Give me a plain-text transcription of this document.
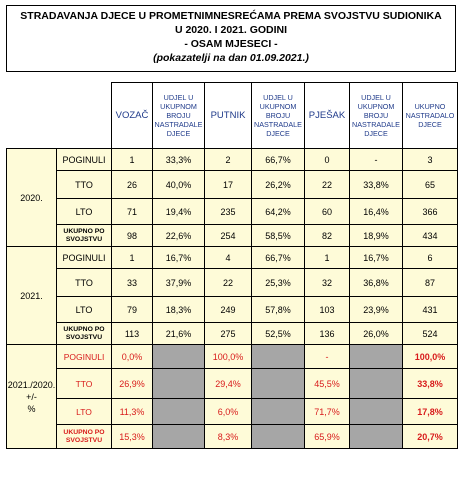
STRADAVANJA DJECE U PROMETNIMNESREĆAMA PREMA SVOJSTVU SUDIONIKA
U 2020. I 2021. GODINI
- OSAM MJESECI -
(pokazatelji na dan 01.09.2021.)
		VOZAČ	UDJEL U UKUPNOM BROJU NASTRADALE DJECE	PUTNIK	UDJEL U UKUPNOM BROJU NASTRADALE DJECE	PJEŠAK	UDJEL U UKUPNOM BROJU NASTRADALE DJECE	UKUPNO NASTRADALO DJECE
2020.	POGINULI	1	33,3%	2	66,7%	0	-	3
	TTO	26	40,0%	17	26,2%	22	33,8%	65
	LTO	71	19,4%	235	64,2%	60	16,4%	366
	UKUPNO PO SVOJSTVU	98	22,6%	254	58,5%	82	18,9%	434
2021.	POGINULI	1	16,7%	4	66,7%	1	16,7%	6
	TTO	33	37,9%	22	25,3%	32	36,8%	87
	LTO	79	18,3%	249	57,8%	103	23,9%	431
	UKUPNO PO SVOJSTVU	113	21,6%	275	52,5%	136	26,0%	524

2021./2020.
+/-
%	POGINULI	0,0%		100,0%		-		100,0%
	TTO	26,9%		29,4%		45,5%		33,8%
	LTO	11,3%		6,0%		71,7%		17,8%
	UKUPNO PO SVOJSTVU	15,3%		8,3%		65,9%		20,7%
